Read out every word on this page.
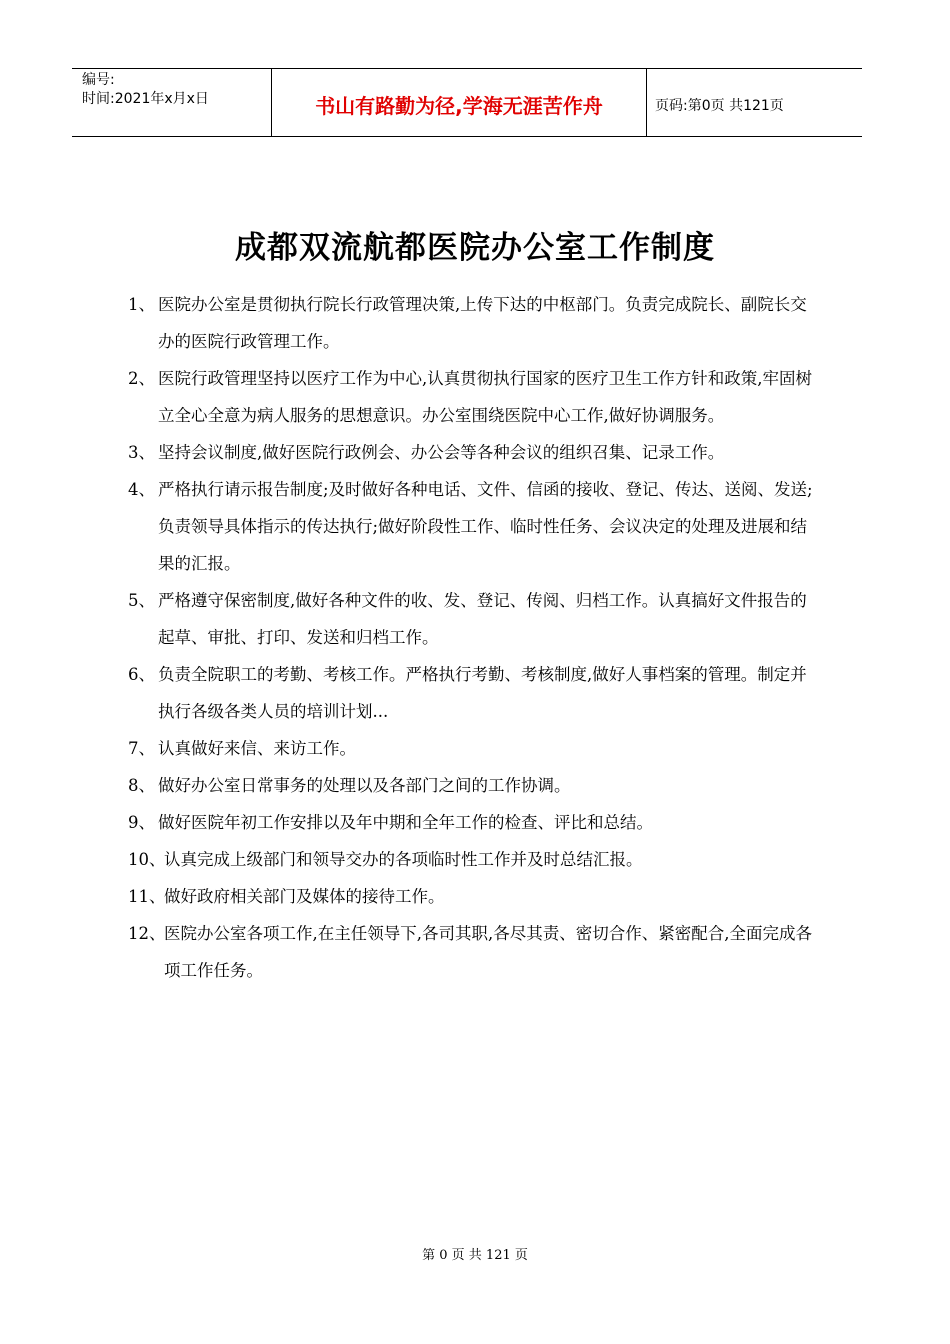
编号:
时间:2021年x月x日	书山有路勤为径,学海无涯苦作舟	页码:第0页 共121页
成都双流航都医院办公室工作制度
1、 医院办公室是贯彻执行院长行政管理决策,上传下达的中枢部门。负责完成院长、副院长交办的医院行政管理工作。
2、 医院行政管理坚持以医疗工作为中心,认真贯彻执行国家的医疗卫生工作方针和政策,牢固树立全心全意为病人服务的思想意识。办公室围绕医院中心工作,做好协调服务。
3、 坚持会议制度,做好医院行政例会、办公会等各种会议的组织召集、记录工作。
4、 严格执行请示报告制度;及时做好各种电话、文件、信函的接收、登记、传达、送阅、发送;负责领导具体指示的传达执行;做好阶段性工作、临时性任务、会议决定的处理及进展和结果的汇报。
5、 严格遵守保密制度,做好各种文件的收、发、登记、传阅、归档工作。认真搞好文件报告的起草、审批、打印、发送和归档工作。
6、 负责全院职工的考勤、考核工作。严格执行考勤、考核制度,做好人事档案的管理。制定并执行各级各类人员的培训计划...
7、 认真做好来信、来访工作。
8、 做好办公室日常事务的处理以及各部门之间的工作协调。
9、 做好医院年初工作安排以及年中期和全年工作的检查、评比和总结。
10、
认真完成上级部门和领导交办的各项临时性工作并及时总结汇报。
11、
做好政府相关部门及媒体的接待工作。
12、
医院办公室各项工作,在主任领导下,各司其职,各尽其责、密切合作、紧密配合,全面完成各项工作任务。
第 0 页 共 121 页
